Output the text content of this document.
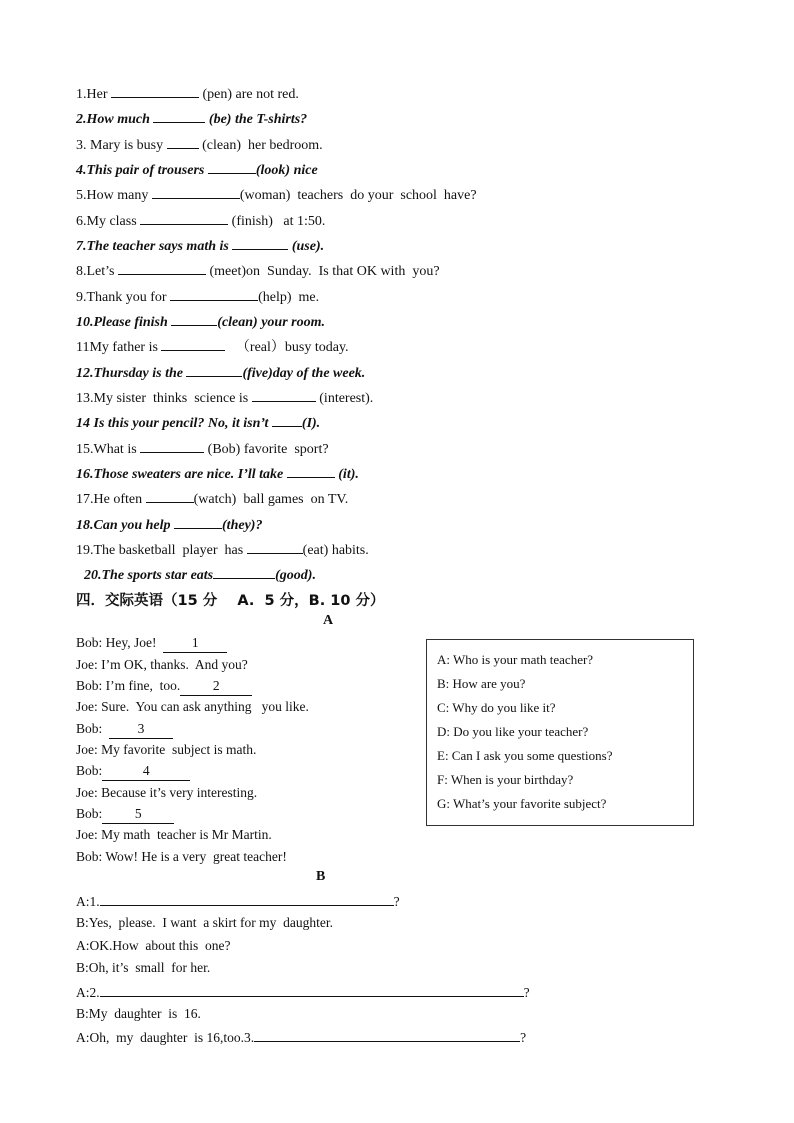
1.Her	(pen) are not red.
2.How much	(be) the T-shirts?
3. Mary is busy  (clean)  her bedroom.
4.This pair of trousers	(look) nice
5.How many	(woman)  teachers  do your  school  have?
6.My class	(finish)   at 1:50.
7.The teacher says math is	(use).
8.Let’s	(meet)on  Sunday.  Is that OK with  you?
9.Thank you for	(help)  me.
10.Please finish	(clean) your room.
11My father is	（real）busy today.
12.Thursday is the	(five)day of the week.
13.My sister  thinks  science is	(interest).
14 Is this your pencil? No, it isn’t (I).
15.What is	(Bob) favorite  sport?
16.Those sweaters are nice. I’ll take	(it).
17.He often	(watch)  ball games  on TV.
18.Can you help	(they)?
19.The basketball  player  has	(eat) habits.
20.The sports star eats	(good).
四．交际英语（15 分    A.  5 分，B. 10 分）
A
Bob: Hey, Joe!  1
Joe: I’m OK, thanks.  And you?
Bob: I’m fine,  too. 2
Joe: Sure.  You can ask anything   you like.
Bob:  3
Joe: My favorite  subject is math.
Bob:	4
Joe: Because it’s very interesting.
Bob: 5
Joe: My math  teacher is Mr Martin.
Bob: Wow! He is a very  great teacher!
A: Who is your math teacher?
B: How are you?
C: Why do you like it?
D: Do you like your teacher?
E: Can I ask you some questions?
F: When is your birthday?
G: What’s your favorite subject?
B
A:1.	?
B:Yes,  please.  I want  a skirt for my  daughter.
A:OK.How  about this  one?
B:Oh, it’s  small  for her.
A:2.	?
B:My  daughter  is  16.
A:Oh,  my  daughter  is 16,too.3.	?
